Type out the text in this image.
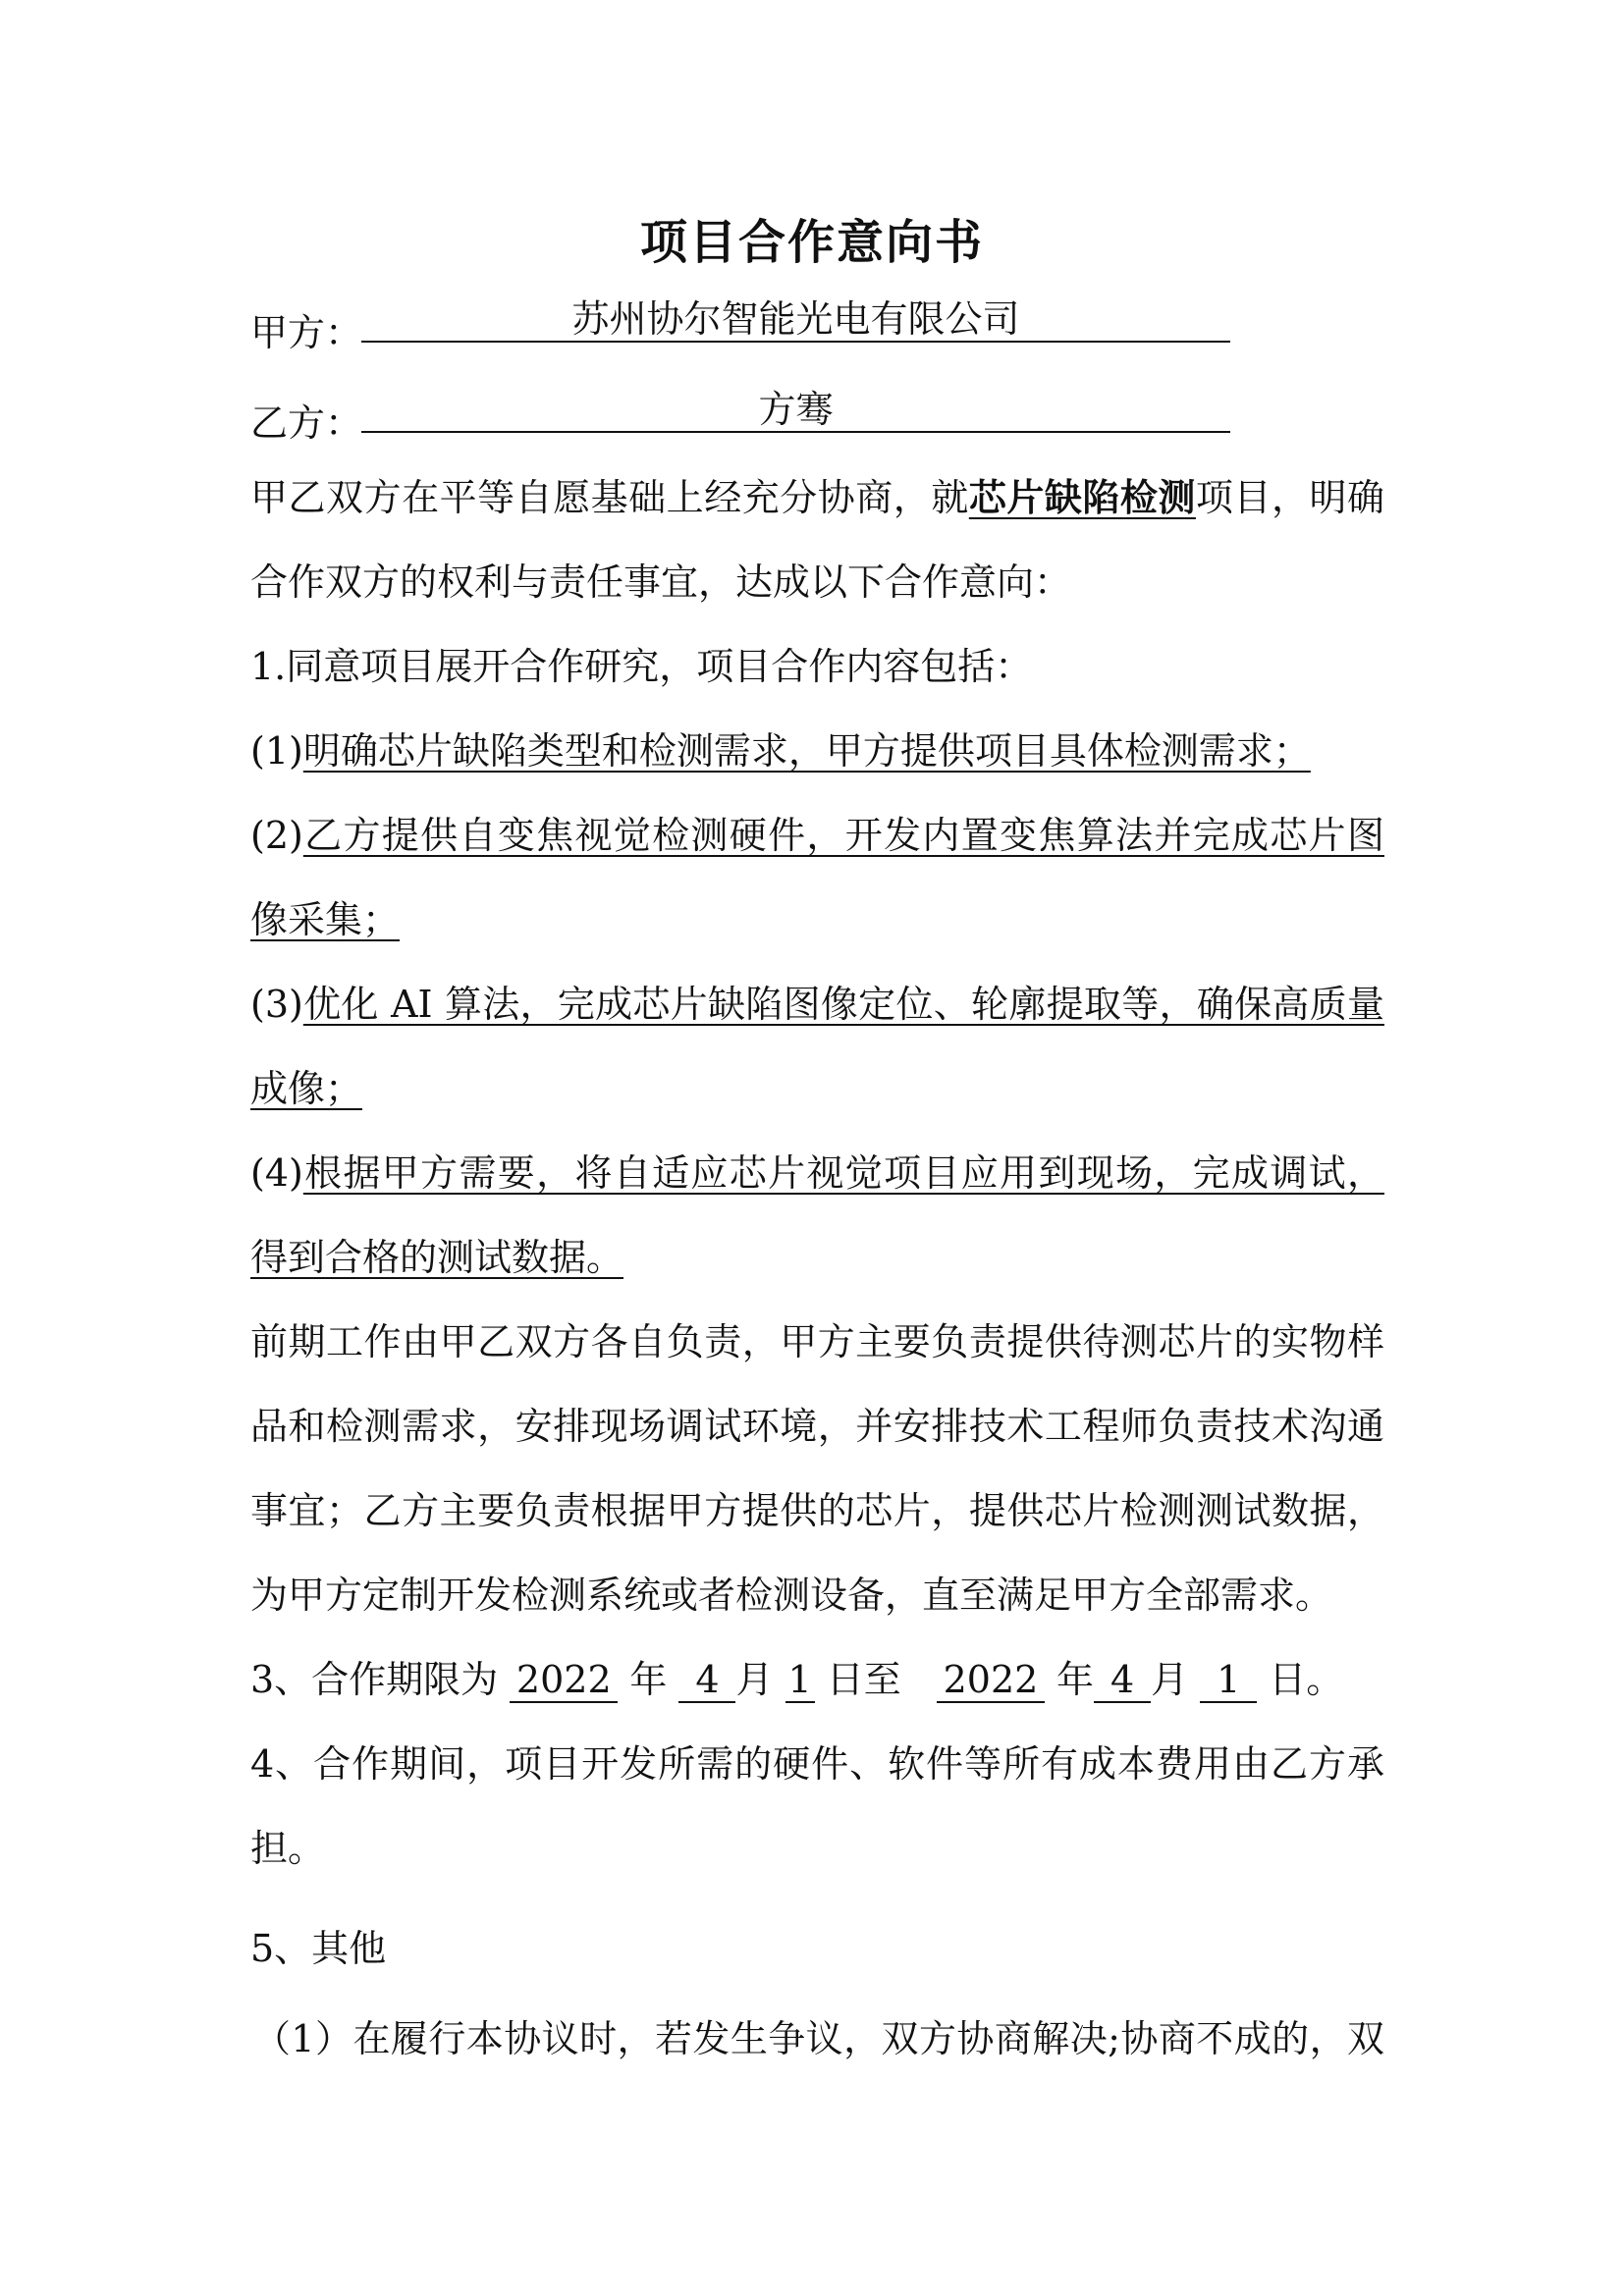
项目合作意向书
甲方：	苏州协尔智能光电有限公司
乙方：	方骞
甲乙双方在平等自愿基础上经充分协商，就芯片缺陷检测项目，明确
合作双方的权利与责任事宜，达成以下合作意向：
1.同意项目展开合作研究，项目合作内容包括：
(1)明确芯片缺陷类型和检测需求，甲方提供项目具体检测需求；
(2)乙方提供自变焦视觉检测硬件，开发内置变焦算法并完成芯片图
像采集；
(3)优化 AI 算法，完成芯片缺陷图像定位、轮廓提取等，确保高质量
成像；
(4)根据甲方需要，将自适应芯片视觉项目应用到现场，完成调试，
得到合格的测试数据。
前期工作由甲乙双方各自负责，甲方主要负责提供待测芯片的实物样
品和检测需求，安排现场调试环境，并安排技术工程师负责技术沟通
事宜；乙方主要负责根据甲方提供的芯片，提供芯片检测测试数据，
为甲方定制开发检测系统或者检测设备，直至满足甲方全部需求。
3、合作期限为 2022 年 4 月 1 日至 2022 年 4 月 1 日。
4、合作期间，项目开发所需的硬件、软件等所有成本费用由乙方承
担。
5、其他
（1）在履行本协议时，若发生争议，双方协商解决;协商不成的，双
